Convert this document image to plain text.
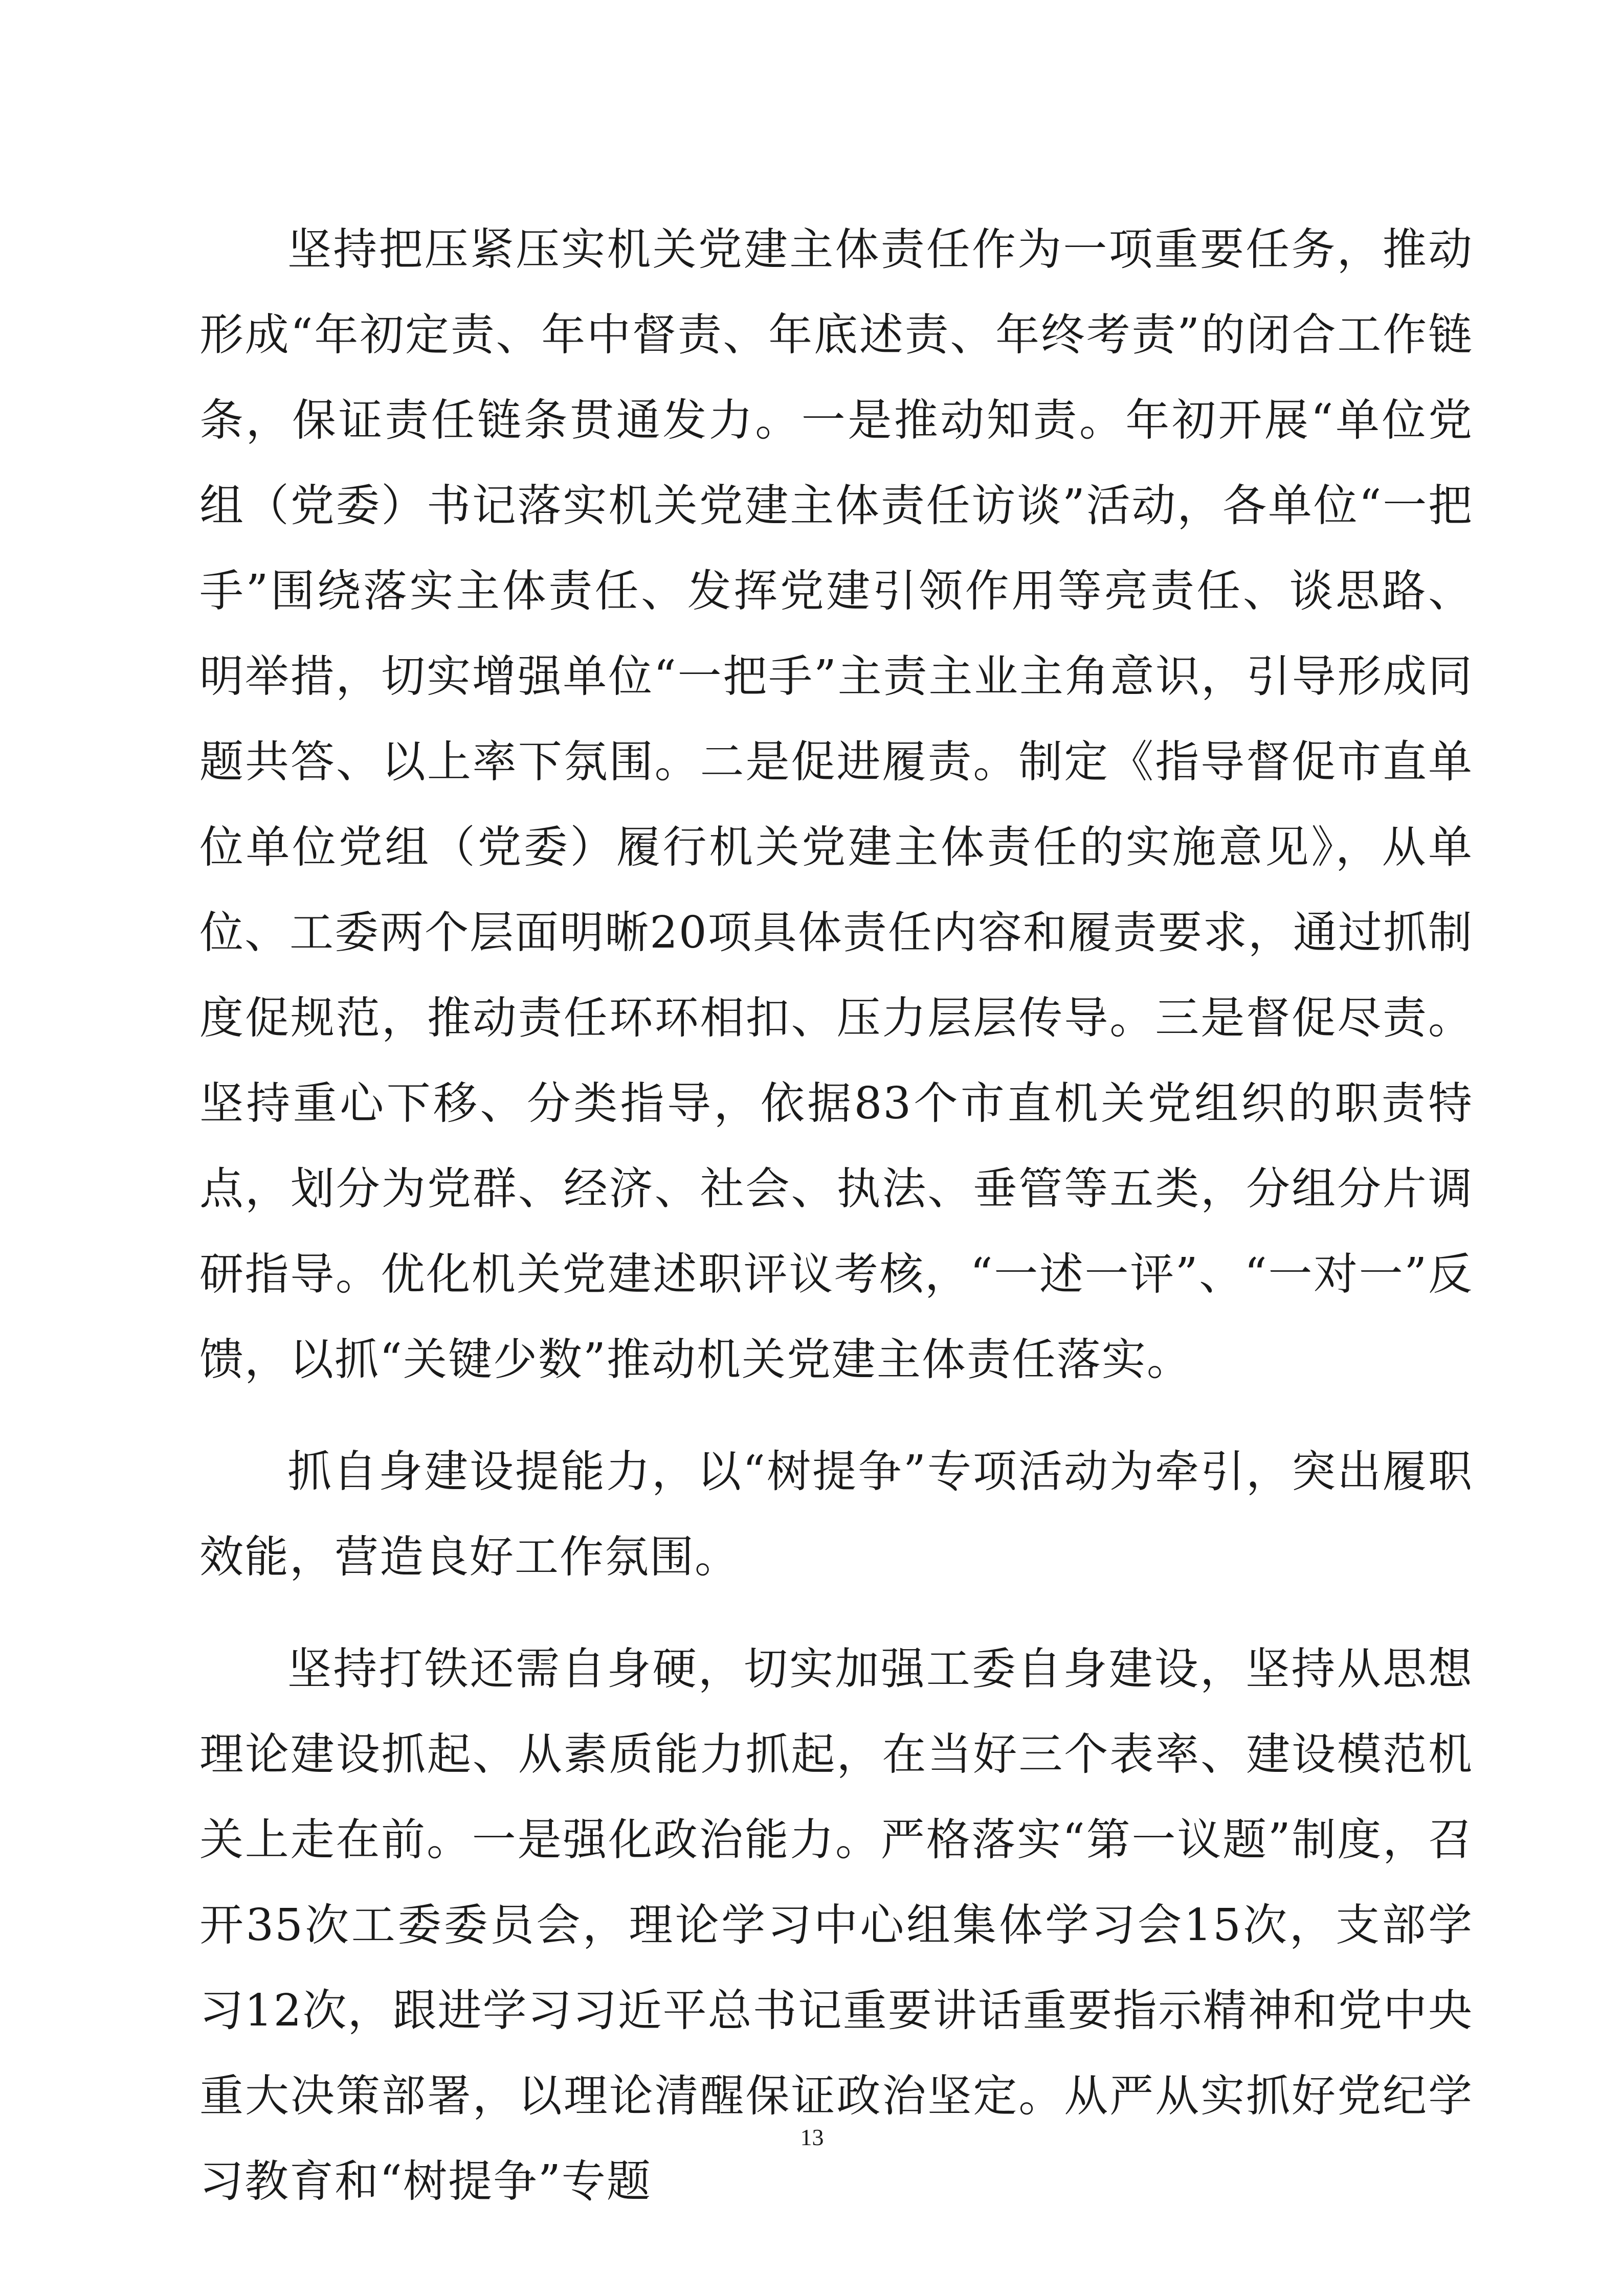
坚持把压紧压实机关党建主体责任作为一项重要任务，推动形成“年初定责、年中督责、年底述责、年终考责”的闭合工作链条，保证责任链条贯通发力。一是推动知责。年初开展“单位党组（党委）书记落实机关党建主体责任访谈”活动，各单位“一把手”围绕落实主体责任、发挥党建引领作用等亮责任、谈思路、明举措，切实增强单位“一把手”主责主业主角意识，引导形成同题共答、以上率下氛围。二是促进履责。制定《指导督促市直单位单位党组（党委）履行机关党建主体责任的实施意见》，从单位、工委两个层面明晰20项具体责任内容和履责要求，通过抓制度促规范，推动责任环环相扣、压力层层传导。三是督促尽责。坚持重心下移、分类指导，依据83个市直机关党组织的职责特点，划分为党群、经济、社会、执法、垂管等五类，分组分片调研指导。优化机关党建述职评议考核，“一述一评”、“一对一”反馈，以抓“关键少数”推动机关党建主体责任落实。

抓自身建设提能力，以“树提争”专项活动为牵引，突出履职效能，营造良好工作氛围。

坚持打铁还需自身硬，切实加强工委自身建设，坚持从思想理论建设抓起、从素质能力抓起，在当好三个表率、建设模范机关上走在前。一是强化政治能力。严格落实“第一议题”制度，召开35次工委委员会，理论学习中心组集体学习会15次，支部学习12次，跟进学习习近平总书记重要讲话重要指示精神和党中央重大决策部署，以理论清醒保证政治坚定。从严从实抓好党纪学习教育和“树提争”专题

13
